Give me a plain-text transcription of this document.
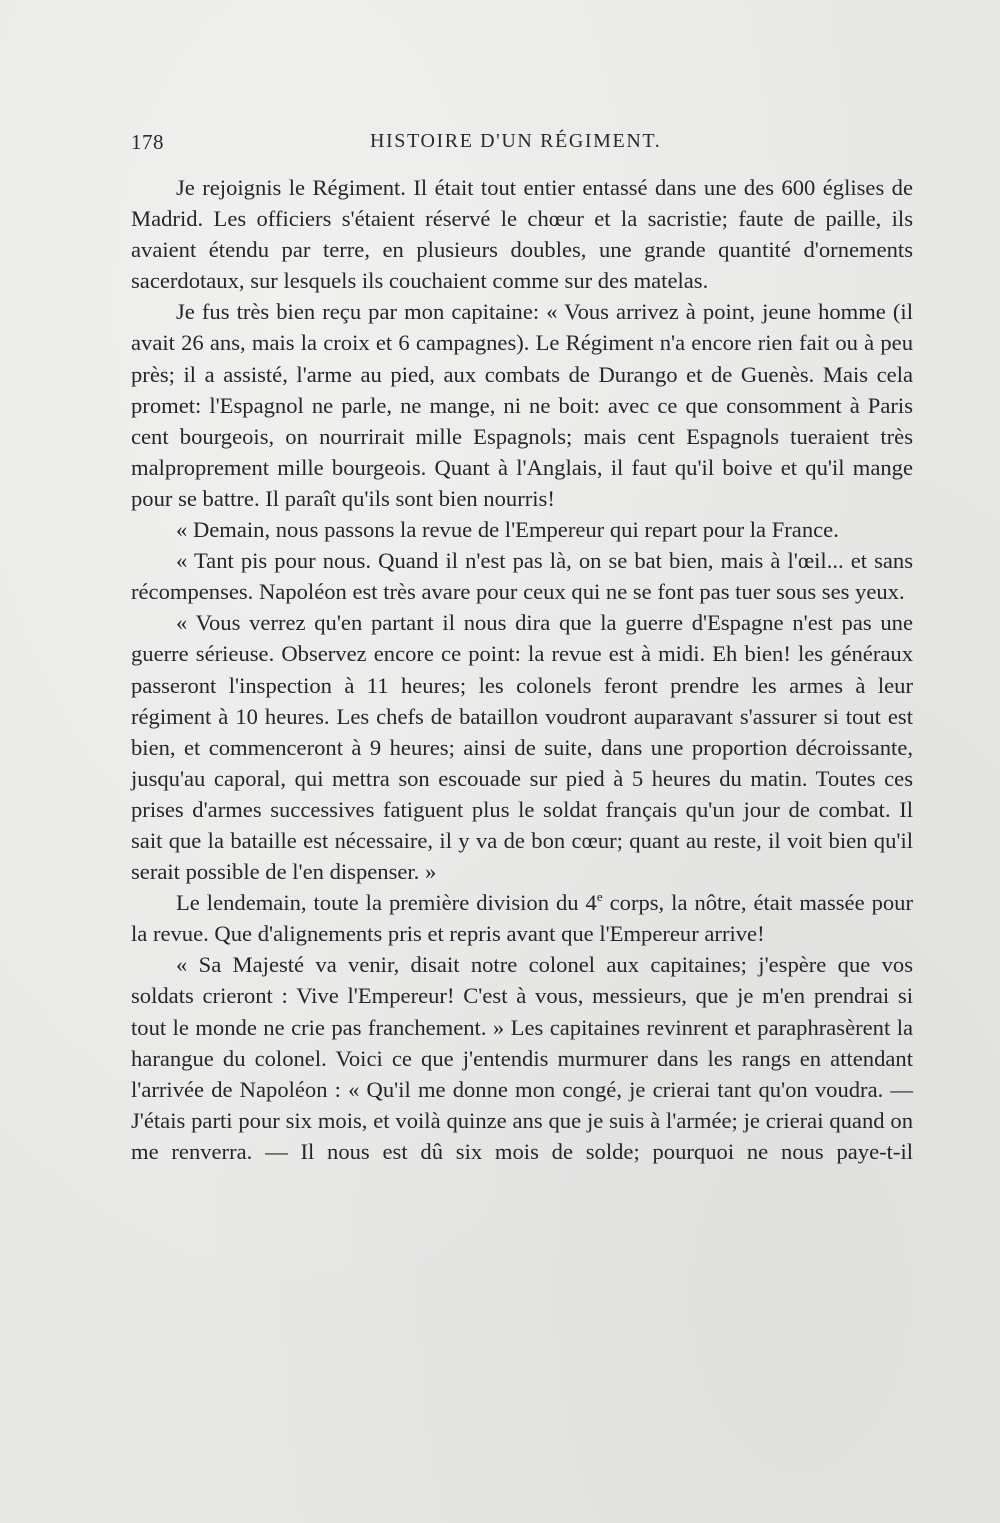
178	HISTOIRE D'UN RÉGIMENT.

Je rejoignis le Régiment. Il était tout entier entassé dans une des 600 églises de Madrid. Les officiers s'étaient réservé le chœur et la sacristie; faute de paille, ils avaient étendu par terre, en plusieurs doubles, une grande quantité d'ornements sacerdotaux, sur lesquels ils couchaient comme sur des matelas.

Je fus très bien reçu par mon capitaine: « Vous arrivez à point, jeune homme (il avait 26 ans, mais la croix et 6 campagnes). Le Régiment n'a encore rien fait ou à peu près; il a assisté, l'arme au pied, aux combats de Durango et de Guenès. Mais cela promet: l'Espagnol ne parle, ne mange, ni ne boit: avec ce que consomment à Paris cent bourgeois, on nourrirait mille Espagnols; mais cent Espagnols tueraient très malproprement mille bourgeois. Quant à l'Anglais, il faut qu'il boive et qu'il mange pour se battre. Il paraît qu'ils sont bien nourris!

« Demain, nous passons la revue de l'Empereur qui repart pour la France.

« Tant pis pour nous. Quand il n'est pas là, on se bat bien, mais à l'œil... et sans récompenses. Napoléon est très avare pour ceux qui ne se font pas tuer sous ses yeux.

« Vous verrez qu'en partant il nous dira que la guerre d'Espagne n'est pas une guerre sérieuse. Observez encore ce point: la revue est à midi. Eh bien! les généraux passeront l'inspection à 11 heures; les colonels feront prendre les armes à leur régiment à 10 heures. Les chefs de bataillon voudront auparavant s'assurer si tout est bien, et commenceront à 9 heures; ainsi de suite, dans une proportion décroissante, jusqu'au caporal, qui mettra son escouade sur pied à 5 heures du matin. Toutes ces prises d'armes successives fatiguent plus le soldat français qu'un jour de combat. Il sait que la bataille est nécessaire, il y va de bon cœur; quant au reste, il voit bien qu'il serait possible de l'en dispenser. »

Le lendemain, toute la première division du 4e corps, la nôtre, était massée pour la revue. Que d'alignements pris et repris avant que l'Empereur arrive!

« Sa Majesté va venir, disait notre colonel aux capitaines; j'espère que vos soldats crieront : Vive l'Empereur! C'est à vous, messieurs, que je m'en prendrai si tout le monde ne crie pas franchement. » Les capitaines revinrent et paraphrasèrent la harangue du colonel. Voici ce que j'entendis murmurer dans les rangs en attendant l'arrivée de Napoléon : « Qu'il me donne mon congé, je crierai tant qu'on voudra. — J'étais parti pour six mois, et voilà quinze ans que je suis à l'armée; je crierai quand on me renverra. — Il nous est dû six mois de solde; pourquoi ne nous paye-t-il
